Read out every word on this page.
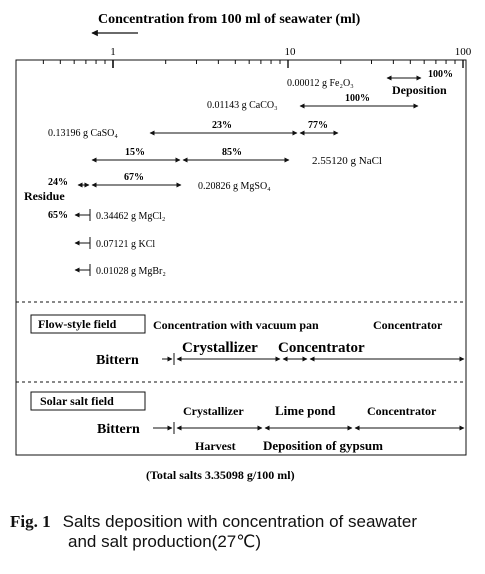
Concentration from 100 ml of seawater (ml)
1	10	100
0.00012 g Fe₂O₃
100%
Deposition
0.01143 g CaCO₃
100%
0.13196 g CaSO₄
23%	77%
15%	85%
2.55120 g NaCl
24%	67%
0.20826 g MgSO₄
Residue
65%	0.34462 g MgCl₂
0.07121 g KCl
0.01028 g MgBr₂
Flow-style field	Concentration with vacuum pan	Concentrator
Bittern
Crystallizer Concentrator
Solar salt field
Crystallizer Lime pond	Concentrator
Bittern
Harvest Deposition of gypsum
(Total salts 3.35098 g/100 ml)
Fig. 1 Salts deposition with concentration of seawater
and salt production(27℃)
